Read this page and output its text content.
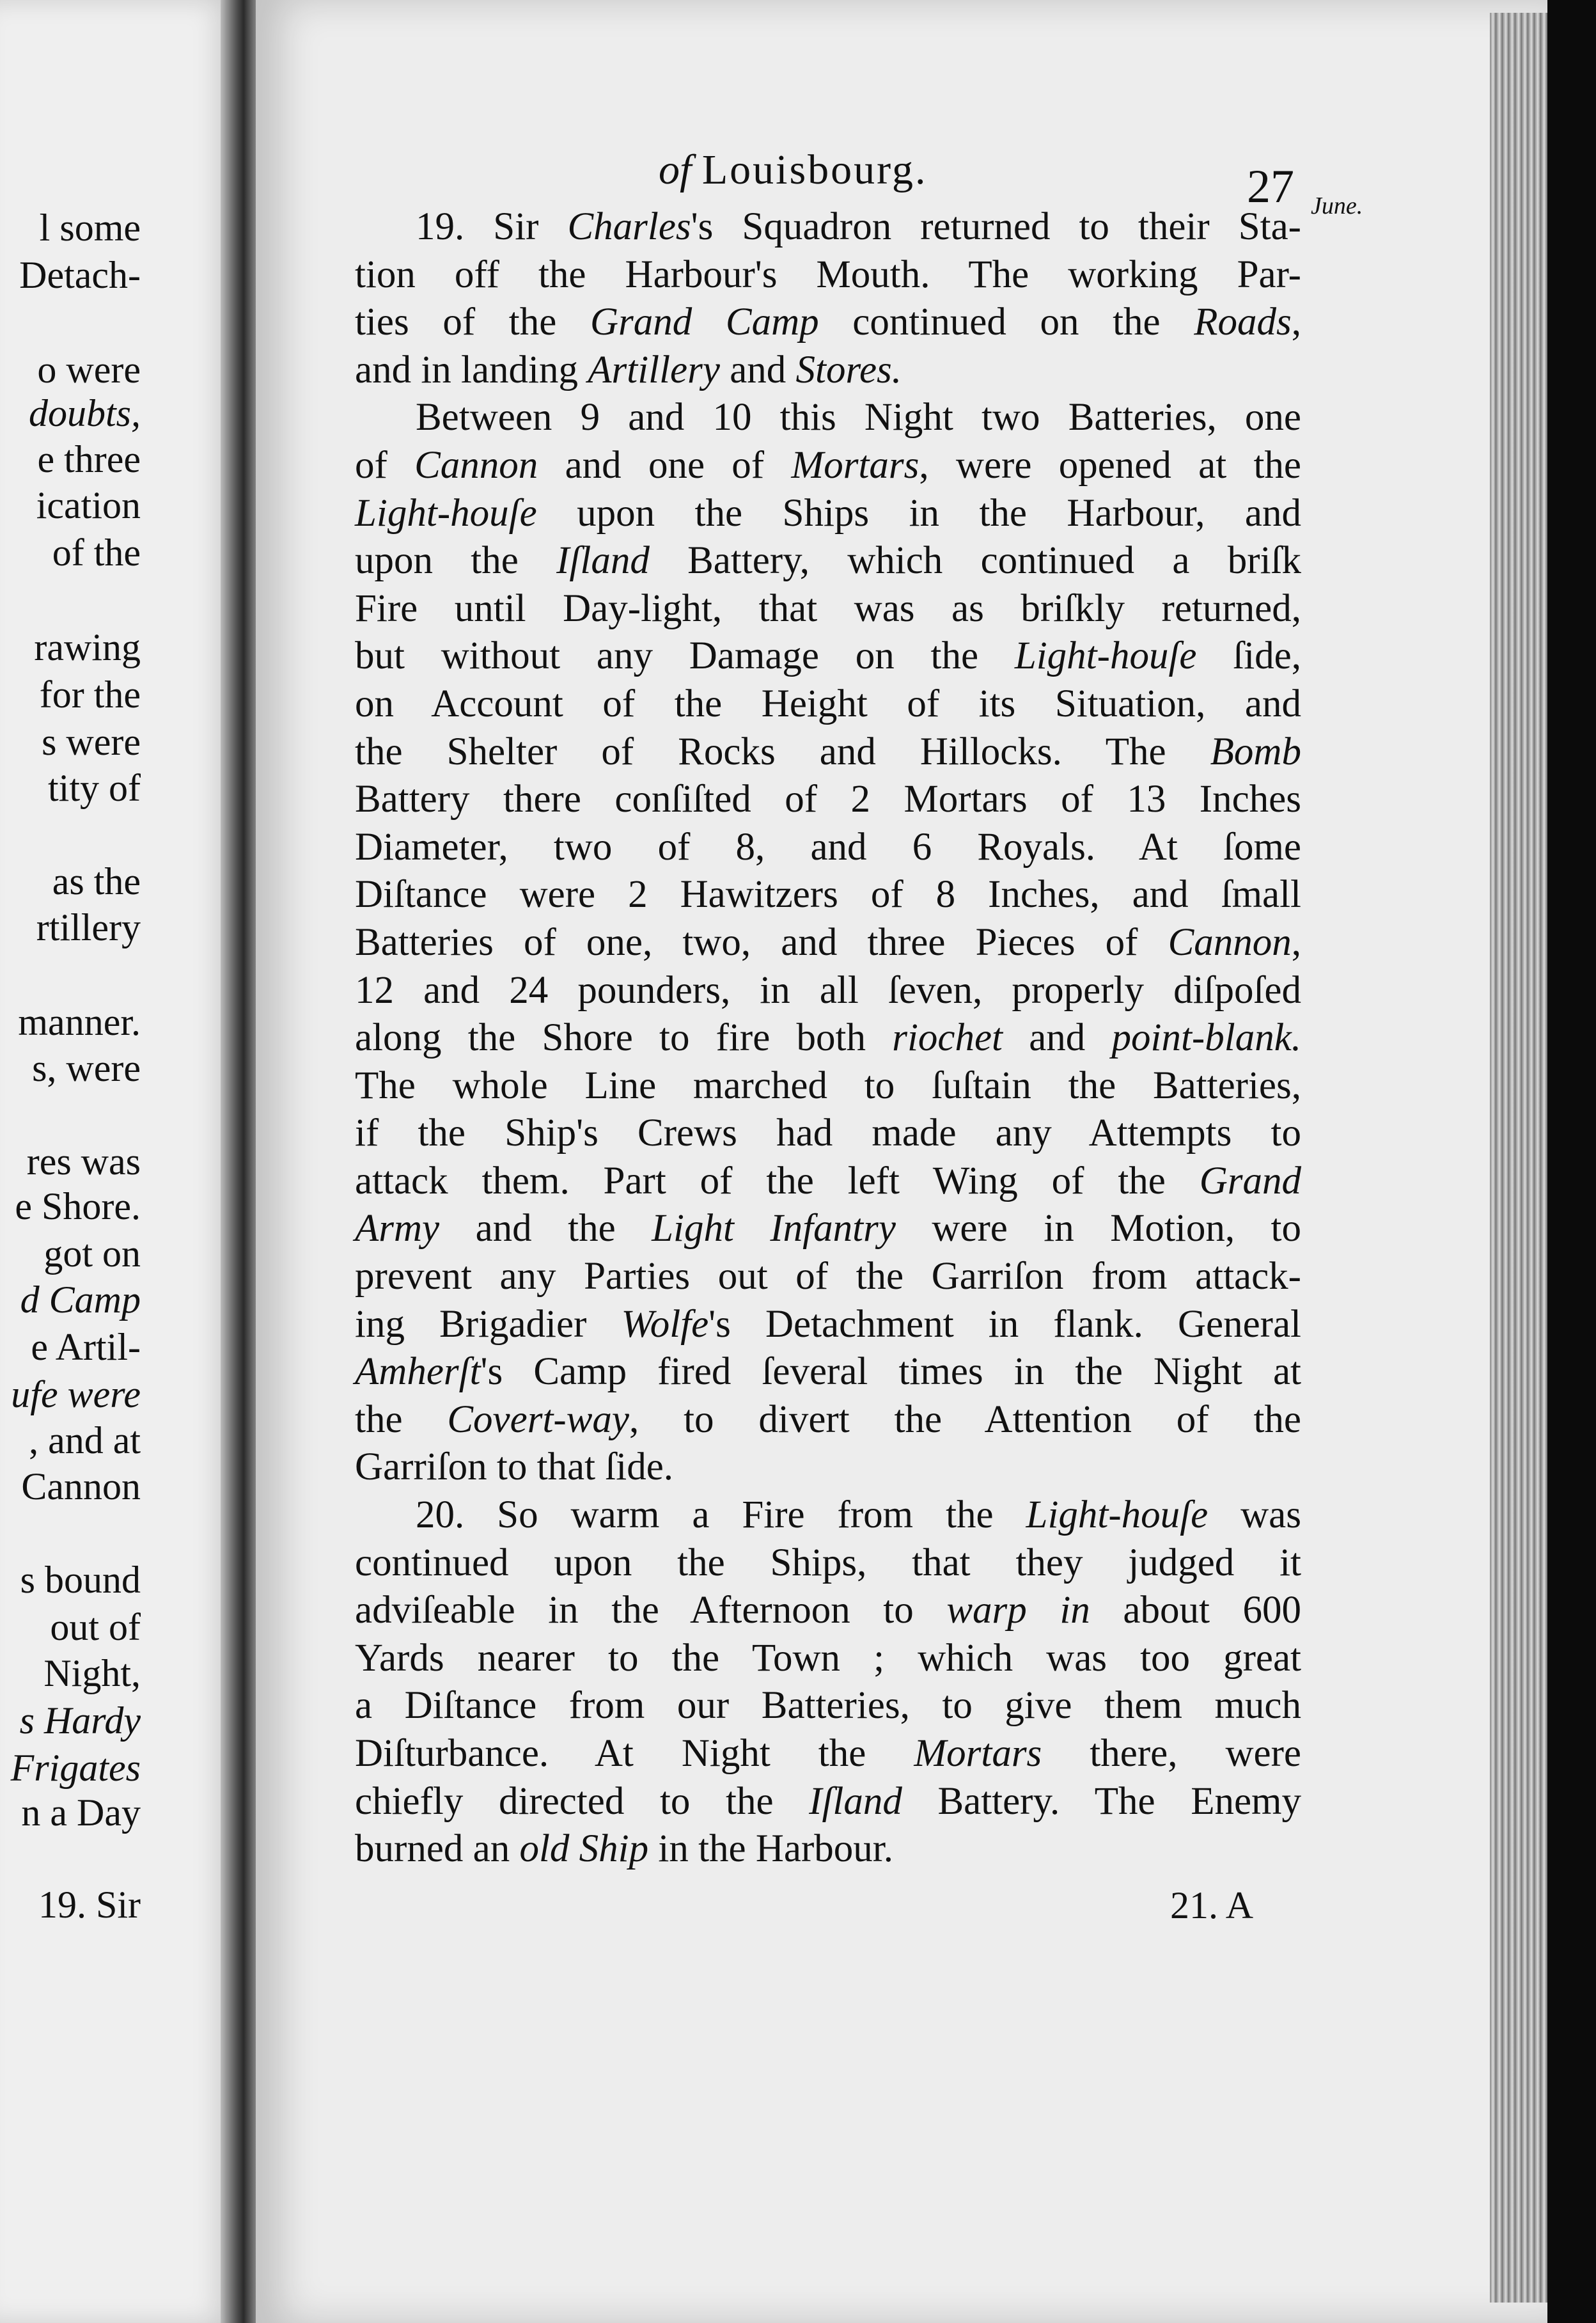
l some
Detach-
o were
doubts,
e three
ication
of the
rawing
for the
s were
tity of
as the
rtillery
manner.
s, were
res was
e Shore.
got on
d Camp
e Artil-
ufe were
, and at
Cannon
s bound
out of
Night,
s Hardy
Frigates
n a Day
19. Sir
of Louisbourg.	27 June.
19. Sir Charles's Squadron returned to their Sta-
tion off the Harbour's Mouth. The working Par-
ties of the Grand Camp continued on the Roads,
and in landing Artillery and Stores.
Between 9 and 10 this Night two Batteries, one
of Cannon and one of Mortars, were opened at the
Light-houſe upon the Ships in the Harbour, and
upon the Iſland Battery, which continued a briſk
Fire until Day-light, that was as briſkly returned,
but without any Damage on the Light-houſe ſide,
on Account of the Height of its Situation, and
the Shelter of Rocks and Hillocks. The Bomb
Battery there conſiſted of 2 Mortars of 13 Inches
Diameter, two of 8, and 6 Royals. At ſome
Diſtance were 2 Hawitzers of 8 Inches, and ſmall
Batteries of one, two, and three Pieces of Cannon,
12 and 24 pounders, in all ſeven, properly diſpoſed
along the Shore to fire both riochet and point-blank.
The whole Line marched to ſuſtain the Batteries,
if the Ship's Crews had made any Attempts to
attack them. Part of the left Wing of the Grand
Army and the Light Infantry were in Motion, to
prevent any Parties out of the Garriſon from attack-
ing Brigadier Wolfe's Detachment in flank. General
Amherſt's Camp fired ſeveral times in the Night at
the Covert-way, to divert the Attention of the
Garriſon to that ſide.
20. So warm a Fire from the Light-houſe was
continued upon the Ships, that they judged it
adviſeable in the Afternoon to warp in about 600
Yards nearer to the Town ; which was too great
a Diſtance from our Batteries, to give them much
Diſturbance. At Night the Mortars there, were
chiefly directed to the Iſland Battery. The Enemy
burned an old Ship in the Harbour.
21. A
